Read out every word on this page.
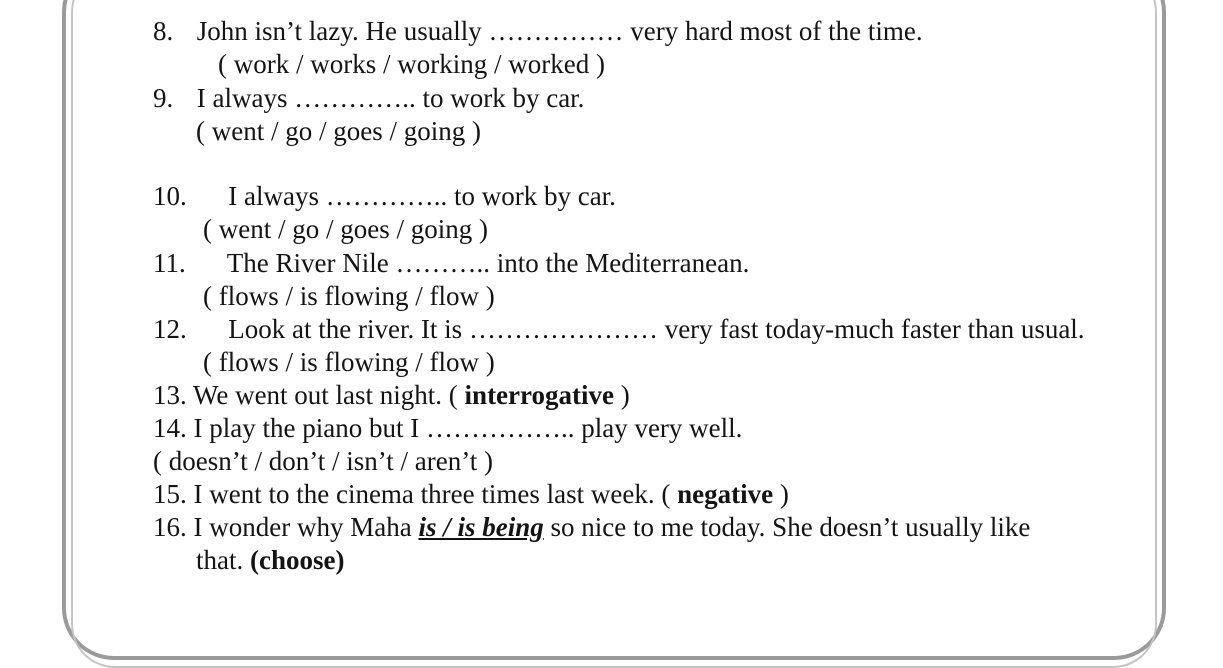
8. John isn’t lazy. He usually …………… very hard most of the time.
( work / works / working / worked )
9. I always ………….. to work by car.
( went / go / goes / going )
10. I always ………….. to work by car.
( went / go / goes / going )
11. The River Nile ……….. into the Mediterranean.
( flows / is flowing / flow )
12. Look at the river. It is ………………… very fast today-much faster than usual.
( flows / is flowing / flow )
13. We went out last night. ( interrogative )
14. I play the piano but I …………….. play very well.
( doesn’t / don’t / isn’t / aren’t )
15. I went to the cinema three times last week. ( negative )
16. I wonder why Maha is / is being so nice to me today. She doesn’t usually like
that. (choose)
